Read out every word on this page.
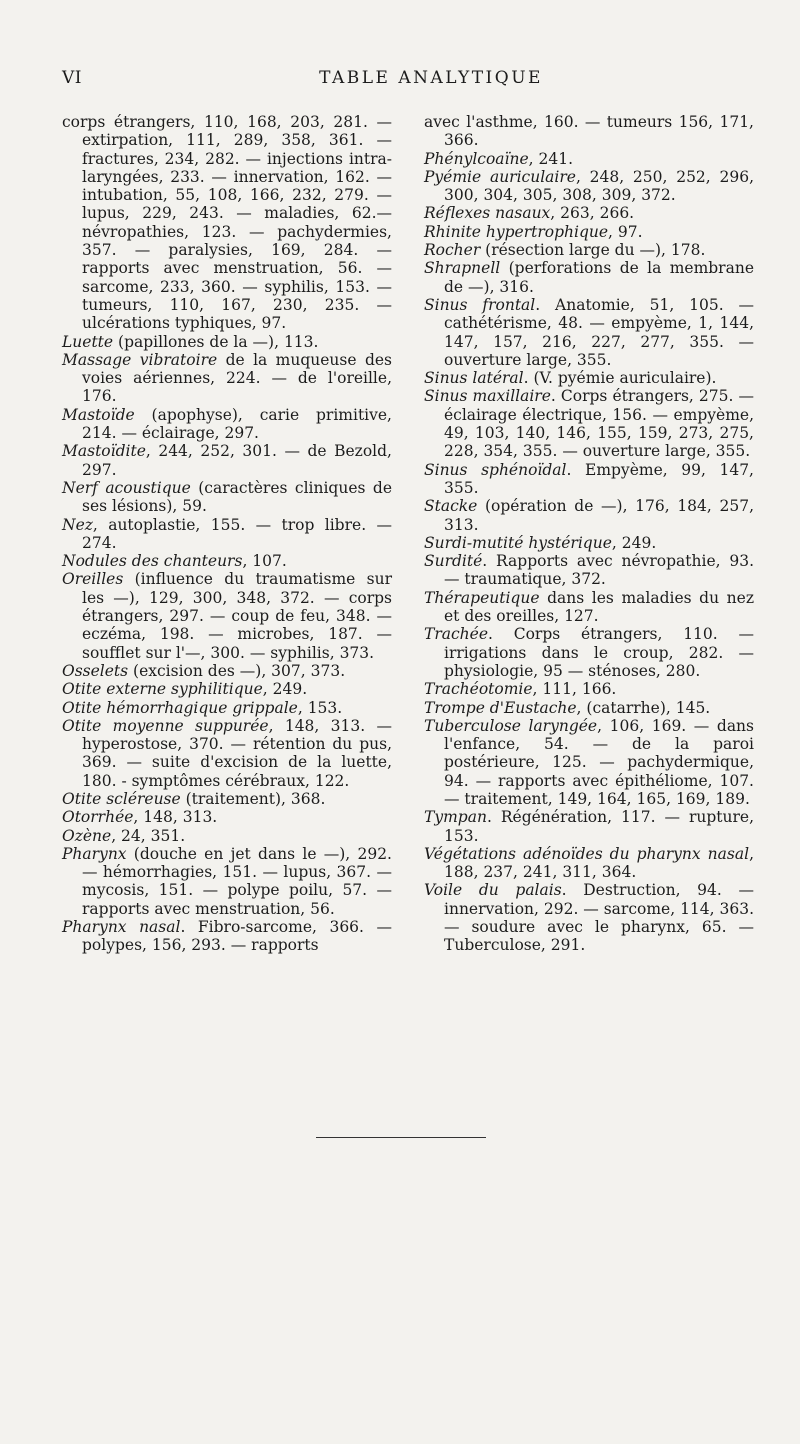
VI	TABLE ANALYTIQUE

corps étrangers, 110, 168, 203, 281. — extirpation, 111, 289, 358, 361. — fractures, 234, 282. — injections intra-laryngées, 233. — innervation, 162. — intubation, 55, 108, 166, 232, 279. — lupus, 229, 243. — maladies, 62.— névropathies, 123. — pachydermies, 357. — paralysies, 169, 284. — rapports avec menstruation, 56. — sarcome, 233, 360. — syphilis, 153. — tumeurs, 110, 167, 230, 235. — ulcérations typhiques, 97.

Luette (papillones de la —), 113.

Massage vibratoire de la muqueuse des voies aériennes, 224. — de l'oreille, 176.

Mastoïde (apophyse), carie primitive, 214. — éclairage, 297.

Mastoïdite, 244, 252, 301. — de Bezold, 297.

Nerf acoustique (caractères cliniques de ses lésions), 59.

Nez, autoplastie, 155. — trop libre. — 274.

Nodules des chanteurs, 107.

Oreilles (influence du traumatisme sur les —), 129, 300, 348, 372. — corps étrangers, 297. — coup de feu, 348. — eczéma, 198. — microbes, 187. — soufflet sur l'—, 300. — syphilis, 373.

Osselets (excision des —), 307, 373.

Otite externe syphilitique, 249.

Otite hémorrhagique grippale, 153.

Otite moyenne suppurée, 148, 313. — hyperostose, 370. — rétention du pus, 369. — suite d'excision de la luette, 180. - symptômes cérébraux, 122.

Otite scléreuse (traitement), 368.

Otorrhée, 148, 313.

Ozène, 24, 351.

Pharynx (douche en jet dans le —), 292. — hémorrhagies, 151. — lupus, 367. — mycosis, 151. — polype poilu, 57. — rapports avec menstruation, 56.

Pharynx nasal. Fibro-sarcome, 366. — polypes, 156, 293. — rapports

avec l'asthme, 160. — tumeurs 156, 171, 366.

Phénylcoaïne, 241.

Pyémie auriculaire, 248, 250, 252, 296, 300, 304, 305, 308, 309, 372.

Réflexes nasaux, 263, 266.

Rhinite hypertrophique, 97.

Rocher (résection large du —), 178.

Shrapnell (perforations de la membrane de —), 316.

Sinus frontal. Anatomie, 51, 105. — cathétérisme, 48. — empyème, 1, 144, 147, 157, 216, 227, 277, 355. — ouverture large, 355.

Sinus latéral. (V. pyémie auriculaire).

Sinus maxillaire. Corps étrangers, 275. — éclairage électrique, 156. — empyème, 49, 103, 140, 146, 155, 159, 273, 275, 228, 354, 355. — ouverture large, 355.

Sinus sphénoïdal. Empyème, 99, 147, 355.

Stacke (opération de —), 176, 184, 257, 313.

Surdi-mutité hystérique, 249.

Surdité. Rapports avec névropathie, 93. — traumatique, 372.

Thérapeutique dans les maladies du nez et des oreilles, 127.

Trachée. Corps étrangers, 110. — irrigations dans le croup, 282. — physiologie, 95 — sténoses, 280.

Trachéotomie, 111, 166.

Trompe d'Eustache, (catarrhe), 145.

Tuberculose laryngée, 106, 169. — dans l'enfance, 54. — de la paroi postérieure, 125. — pachydermique, 94. — rapports avec épithéliome, 107. — traitement, 149, 164, 165, 169, 189.

Tympan. Régénération, 117. — rupture, 153.

Végétations adénoïdes du pharynx nasal, 188, 237, 241, 311, 364.

Voile du palais. Destruction, 94. — innervation, 292. — sarcome, 114, 363. — soudure avec le pharynx, 65. — Tuberculose, 291.
